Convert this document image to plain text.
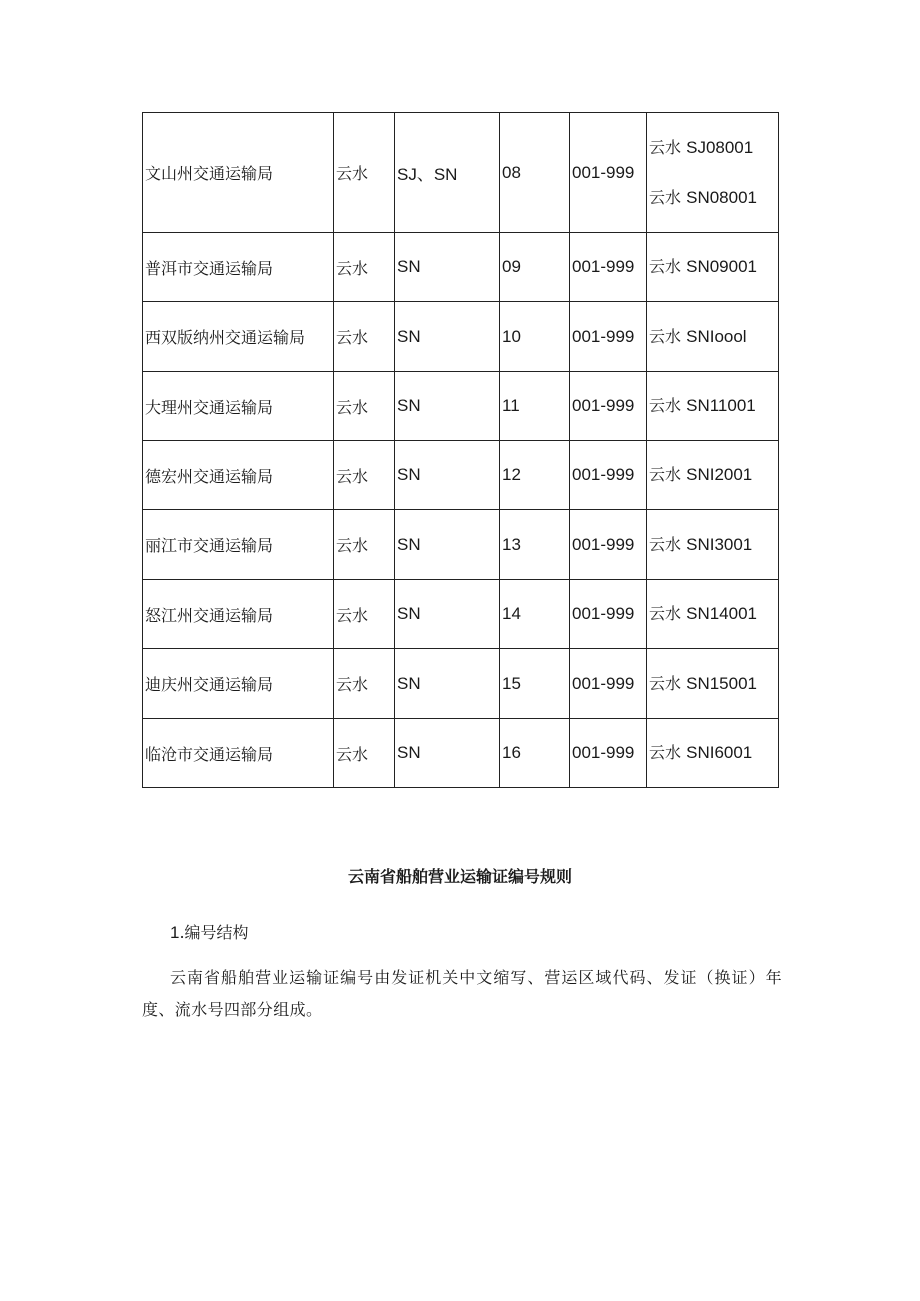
文山州交通运输局	云水	SJ、SN	08	001-999	云水 SJ08001
云水 SN08001

普洱市交通运输局	云水	SN	09	001-999	云水 SN09001

西双版纳州交通运输局	云水	SN	10	001-999	云水 SNIoool

大理州交通运输局	云水	SN	11	001-999	云水 SN11001

德宏州交通运输局	云水	SN	12	001-999	云水 SNI2001

丽江市交通运输局	云水	SN	13	001-999	云水 SNI3001

怒江州交通运输局	云水	SN	14	001-999	云水 SN14001

迪庆州交通运输局	云水	SN	15	001-999	云水 SN15001

临沧市交通运输局	云水	SN	16	001-999	云水 SNI6001
云南省船舶营业运输证编号规则
1.编号结构
云南省船舶营业运输证编号由发证机关中文缩写、营运区域代码、发证（换证）年度、流水号四部分组成。
